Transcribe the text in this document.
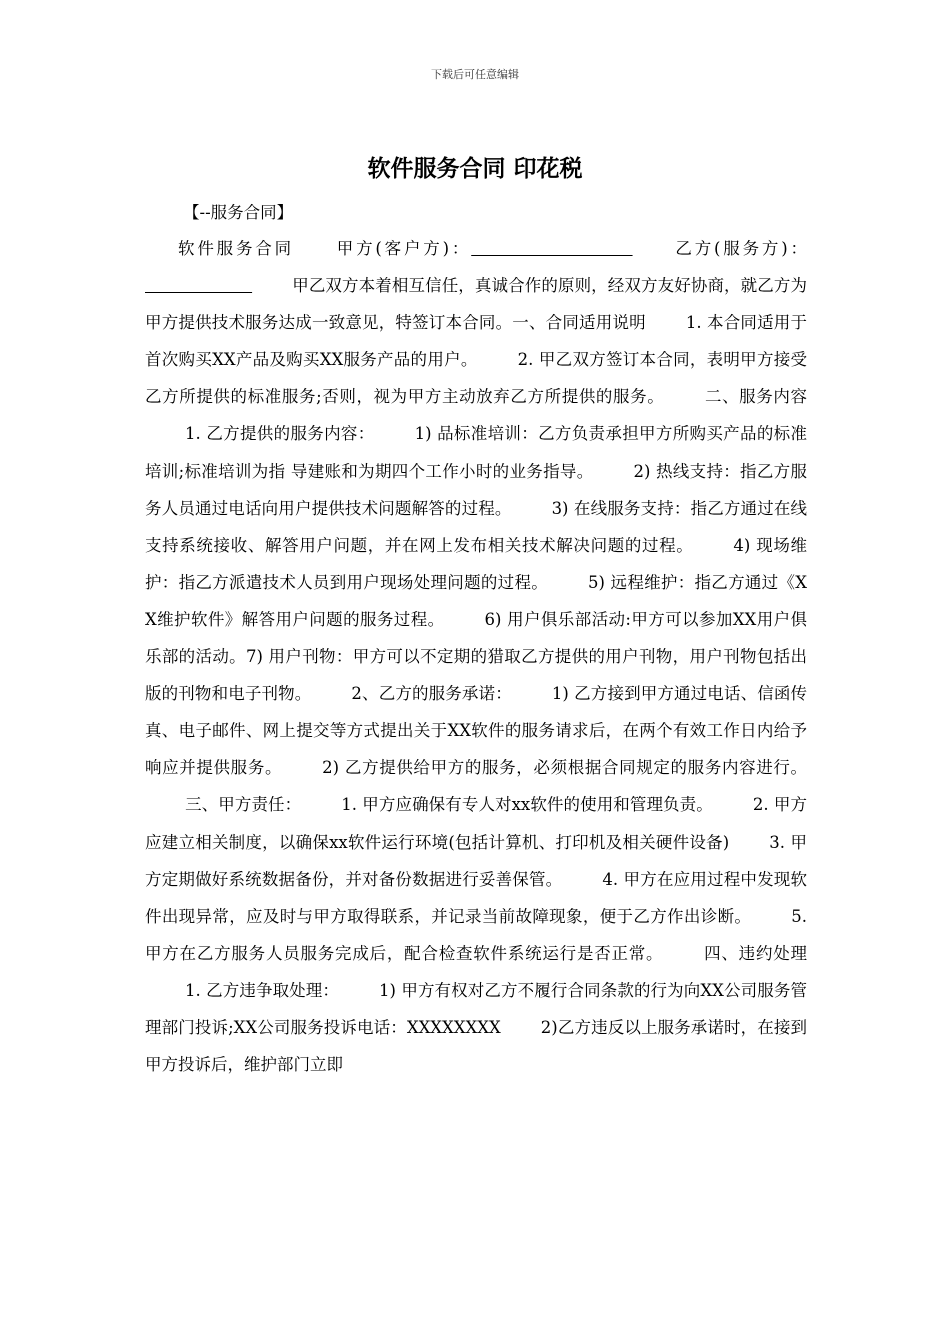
下载后可任意编辑
软件服务合同 印花税
【--服务合同】

软件服务合同 甲方(客户方)：	乙方(服务方)：                    甲乙双方本着相互信任，真诚合作的原则，经双方友好协商，就乙方为甲方提供技术服务达成一致意见，特签订本合同。一、合同适用说明 1. 本合同适用于首次购买XX产品及购买XX服务产品的用户。 2. 甲乙双方签订本合同，表明甲方接受乙方所提供的标准服务;否则，视为甲方主动放弃乙方所提供的服务。 二、服务内容1. 乙方提供的服务内容： 1) 品标准培训：乙方负责承担甲方所购买产品的标准培训;标准培训为指 导建账和为期四个工作小时的业务指导。 2) 热线支持：指乙方服务人员通过电话向用户提供技术问题解答的过程。 3) 在线服务支持：指乙方通过在线支持系统接收、解答用户问题，并在网上发布相关技术解决问题的过程。 4) 现场维护：指乙方派遣技术人员到用户现场处理问题的过程。 5) 远程维护：指乙方通过《XX维护软件》解答用户问题的服务过程。 6) 用户俱乐部活动:甲方可以参加XX用户俱乐部的活动。7) 用户刊物：甲方可以不定期的猎取乙方提供的用户刊物，用户刊物包括出版的刊物和电子刊物。 2、乙方的服务承诺： 1) 乙方接到甲方通过电话、信函传真、电子邮件、网上提交等方式提出关于XX软件的服务请求后，在两个有效工作日内给予响应并提供服务。 2) 乙方提供给甲方的服务，必须根据合同规定的服务内容进行。三、甲方责任： 1. 甲方应确保有专人对xx软件的使用和管理负责。 2. 甲方应建立相关制度，以确保xx软件运行环境(包括计算机、打印机及相关硬件设备) 3. 甲方定期做好系统数据备份，并对备份数据进行妥善保管。 4. 甲方在应用过程中发现软件出现异常，应及时与甲方取得联系，并记录当前故障现象，便于乙方作出诊断。 5. 甲方在乙方服务人员服务完成后，配合检查软件系统运行是否正常。 四、违约处理1. 乙方违争取处理： 1) 甲方有权对乙方不履行合同条款的行为向XX公司服务管理部门投诉;XX公司服务投诉电话：XXXXXXXX 2)乙方违反以上服务承诺时，在接到甲方投诉后，维护部门立即
